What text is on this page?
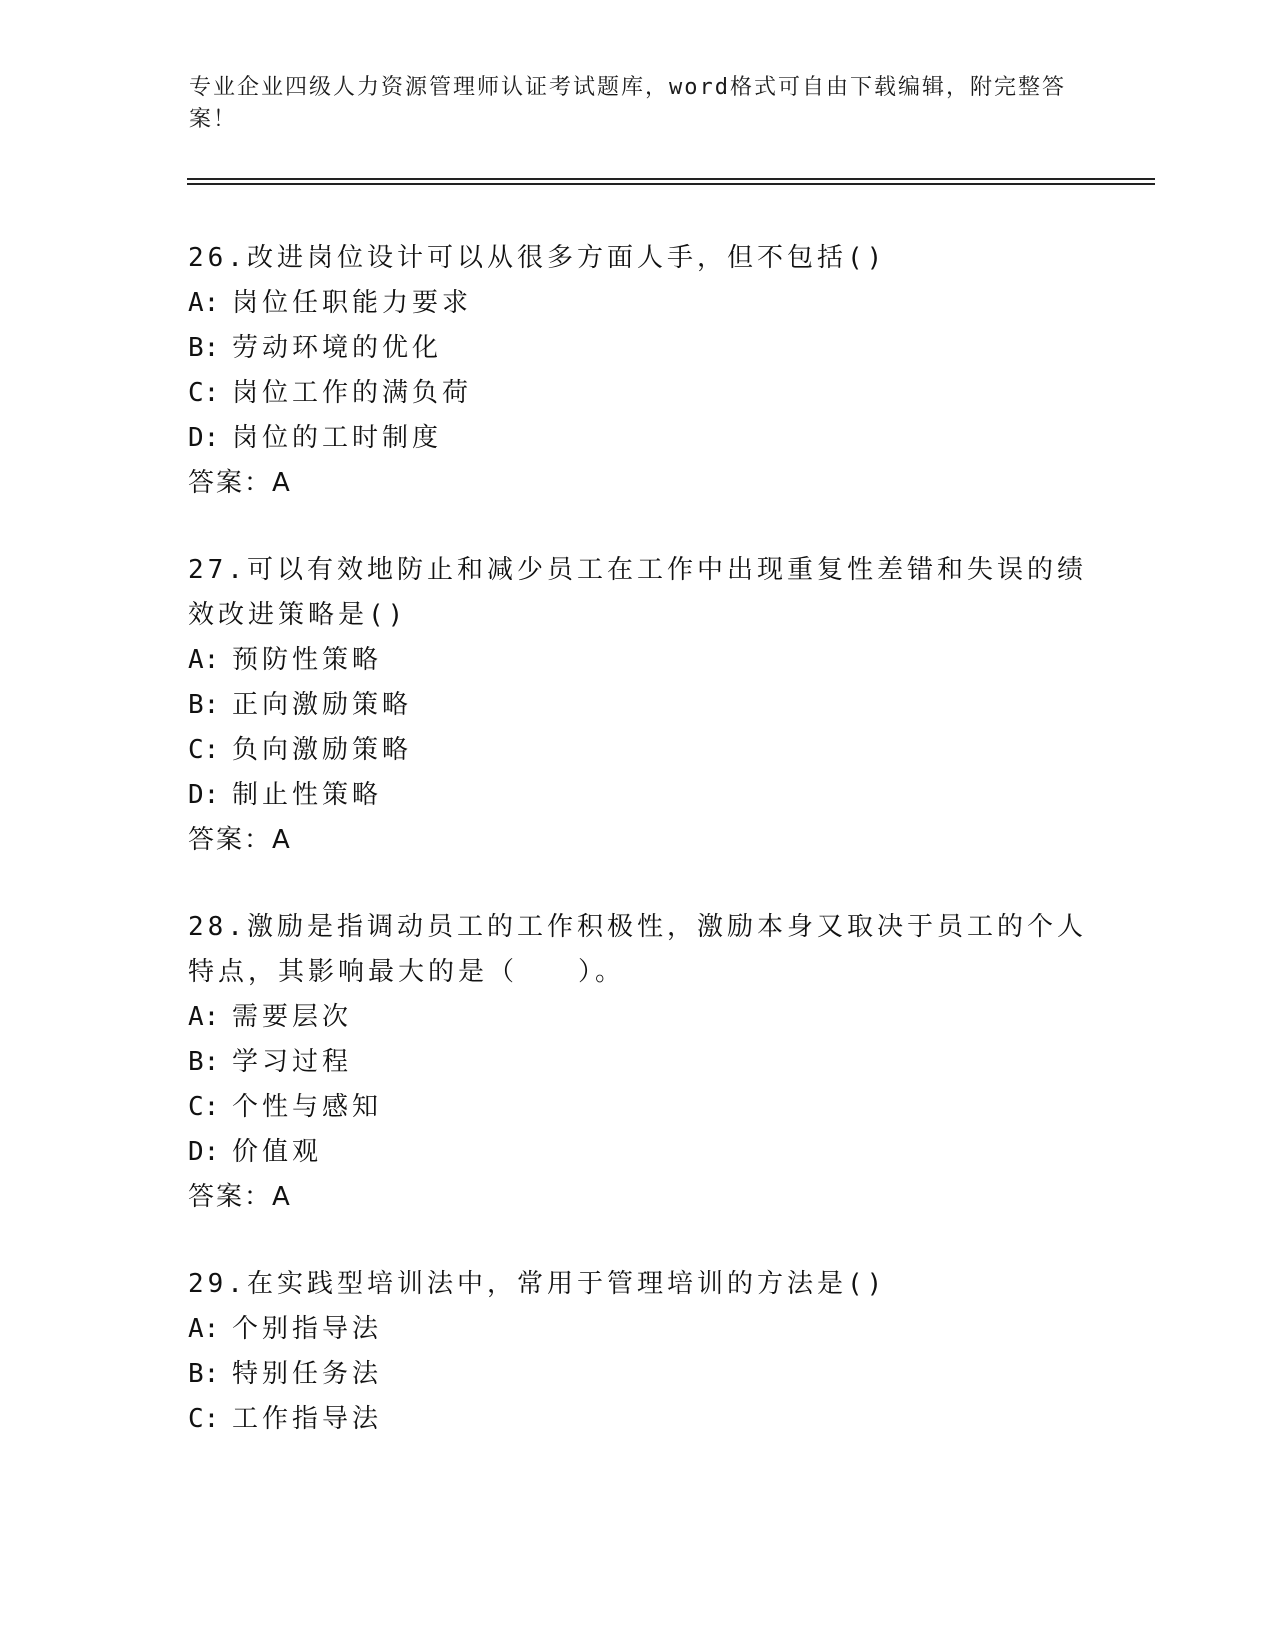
专业企业四级人力资源管理师认证考试题库，word格式可自由下载编辑，附完整答案！
26.改进岗位设计可以从很多方面人手，但不包括()
A: 岗位任职能力要求
B: 劳动环境的优化
C: 岗位工作的满负荷
D: 岗位的工时制度
答案：A
27.可以有效地防止和减少员工在工作中出现重复性差错和失误的绩效改进策略是()
A: 预防性策略
B: 正向激励策略
C: 负向激励策略
D: 制止性策略
答案：A
28.激励是指调动员工的工作积极性，激励本身又取决于员工的个人特点，其影响最大的是（　　）。
A: 需要层次
B: 学习过程
C: 个性与感知
D: 价值观
答案：A
29.在实践型培训法中，常用于管理培训的方法是()
A: 个别指导法
B: 特别任务法
C: 工作指导法
